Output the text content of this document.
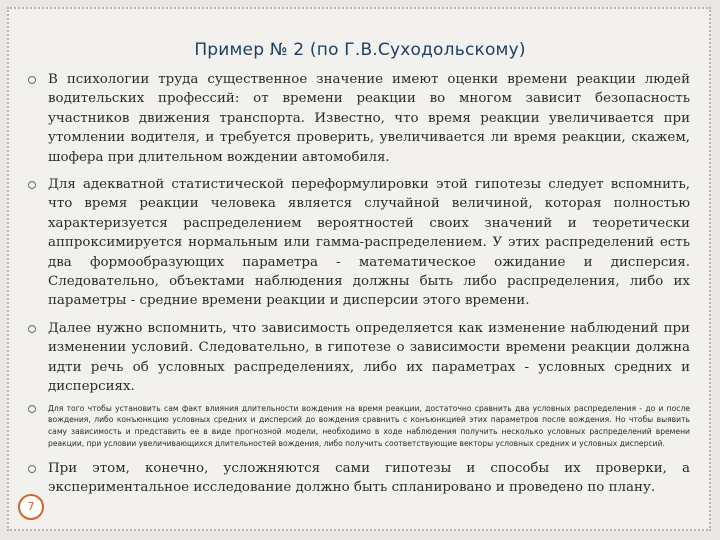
Пример № 2 (по Г.В.Суходольскому)
В психологии труда существенное значение имеют оценки времени реакции людей водительских профессий: от времени реакции во многом зависит безопасность участников движения транспорта. Известно, что время реакции увеличивается при утомлении водителя, и требуется проверить, увеличивается ли время реакции, скажем, шофера при длительном вождении автомобиля.
Для адекватной статистической переформулировки этой гипотезы следует вспомнить, что время реакции человека является случайной величиной, которая полностью характеризуется распределением вероятностей своих значений и теоретически аппроксимируется нормальным или гамма-распределением. У этих распределений есть два формообразующих параметра - математическое ожидание и дисперсия. Следовательно, объектами наблюдения должны быть либо распределения, либо их параметры - средние времени реакции и дисперсии этого времени.
Далее нужно вспомнить, что зависимость определяется как изменение наблюдений при изменении условий. Следовательно, в гипотезе о зависимости времени реакции должна идти речь об условных распределениях, либо их параметрах - условных средних и дисперсиях.
Для того чтобы установить сам факт влияния длительности вождения на время реакции, достаточно сравнить два условных распределения - до и после вождения, либо конъюнкцию условных средних и дисперсий до вождения сравнить с конъюнкцией этих параметров после вождения. Но чтобы выявить саму зависимость и представить ее в виде прогнозной модели, необходимо в ходе наблюдения получить несколько условных распределений времени реакции, при условии увеличивающихся длительностей вождения, либо получить соответствующие векторы условных средних и условных дисперсий.
При этом, конечно, усложняются сами гипотезы и способы их проверки, а экспериментальное исследование должно быть спланировано и проведено по плану.
7
